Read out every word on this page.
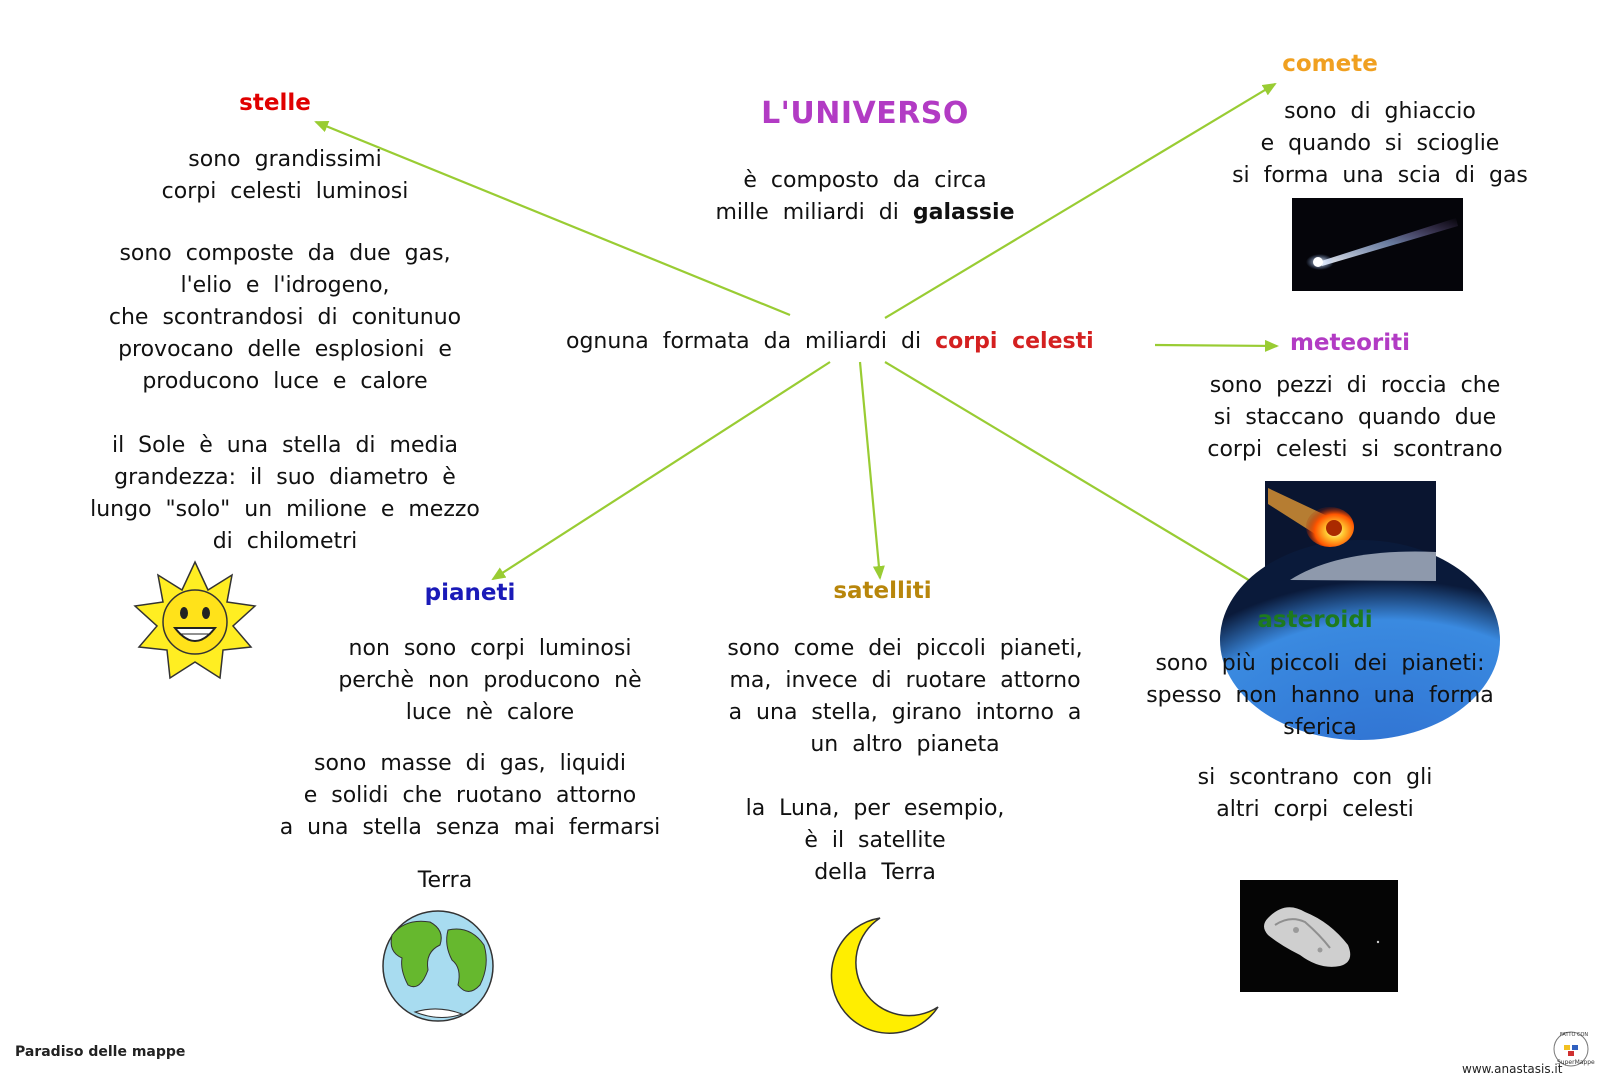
L'UNIVERSO
è composto da circa
mille miliardi di galassie
ognuna formata da miliardi di corpi celesti
stelle
sono grandissimi
corpi celesti luminosi
sono composte da due gas,
l'elio e l'idrogeno,
che scontrandosi di conitunuo
provocano delle esplosioni e
producono luce e calore
il Sole è una stella di media
grandezza: il suo diametro è
lungo "solo" un milione e mezzo
di chilometri
comete
sono di ghiaccio
e quando si scioglie
si forma una scia di gas
meteoriti
sono pezzi di roccia che
si staccano quando due
corpi celesti si scontrano
pianeti
non sono corpi luminosi
perchè non producono nè
luce nè calore
sono masse di gas, liquidi
e solidi che ruotano attorno
a una stella senza mai fermarsi
Terra
satelliti
sono come dei piccoli pianeti,
ma, invece di ruotare attorno
a una stella, girano intorno a
un altro pianeta
la Luna, per esempio,
è il satellite
della Terra
asteroidi
sono più piccoli dei pianeti:
spesso non hanno una forma
sferica
si scontrano con gli
altri corpi celesti
Paradiso delle mappe
www.anastasis.it
FATTO CON
SuperMappe
